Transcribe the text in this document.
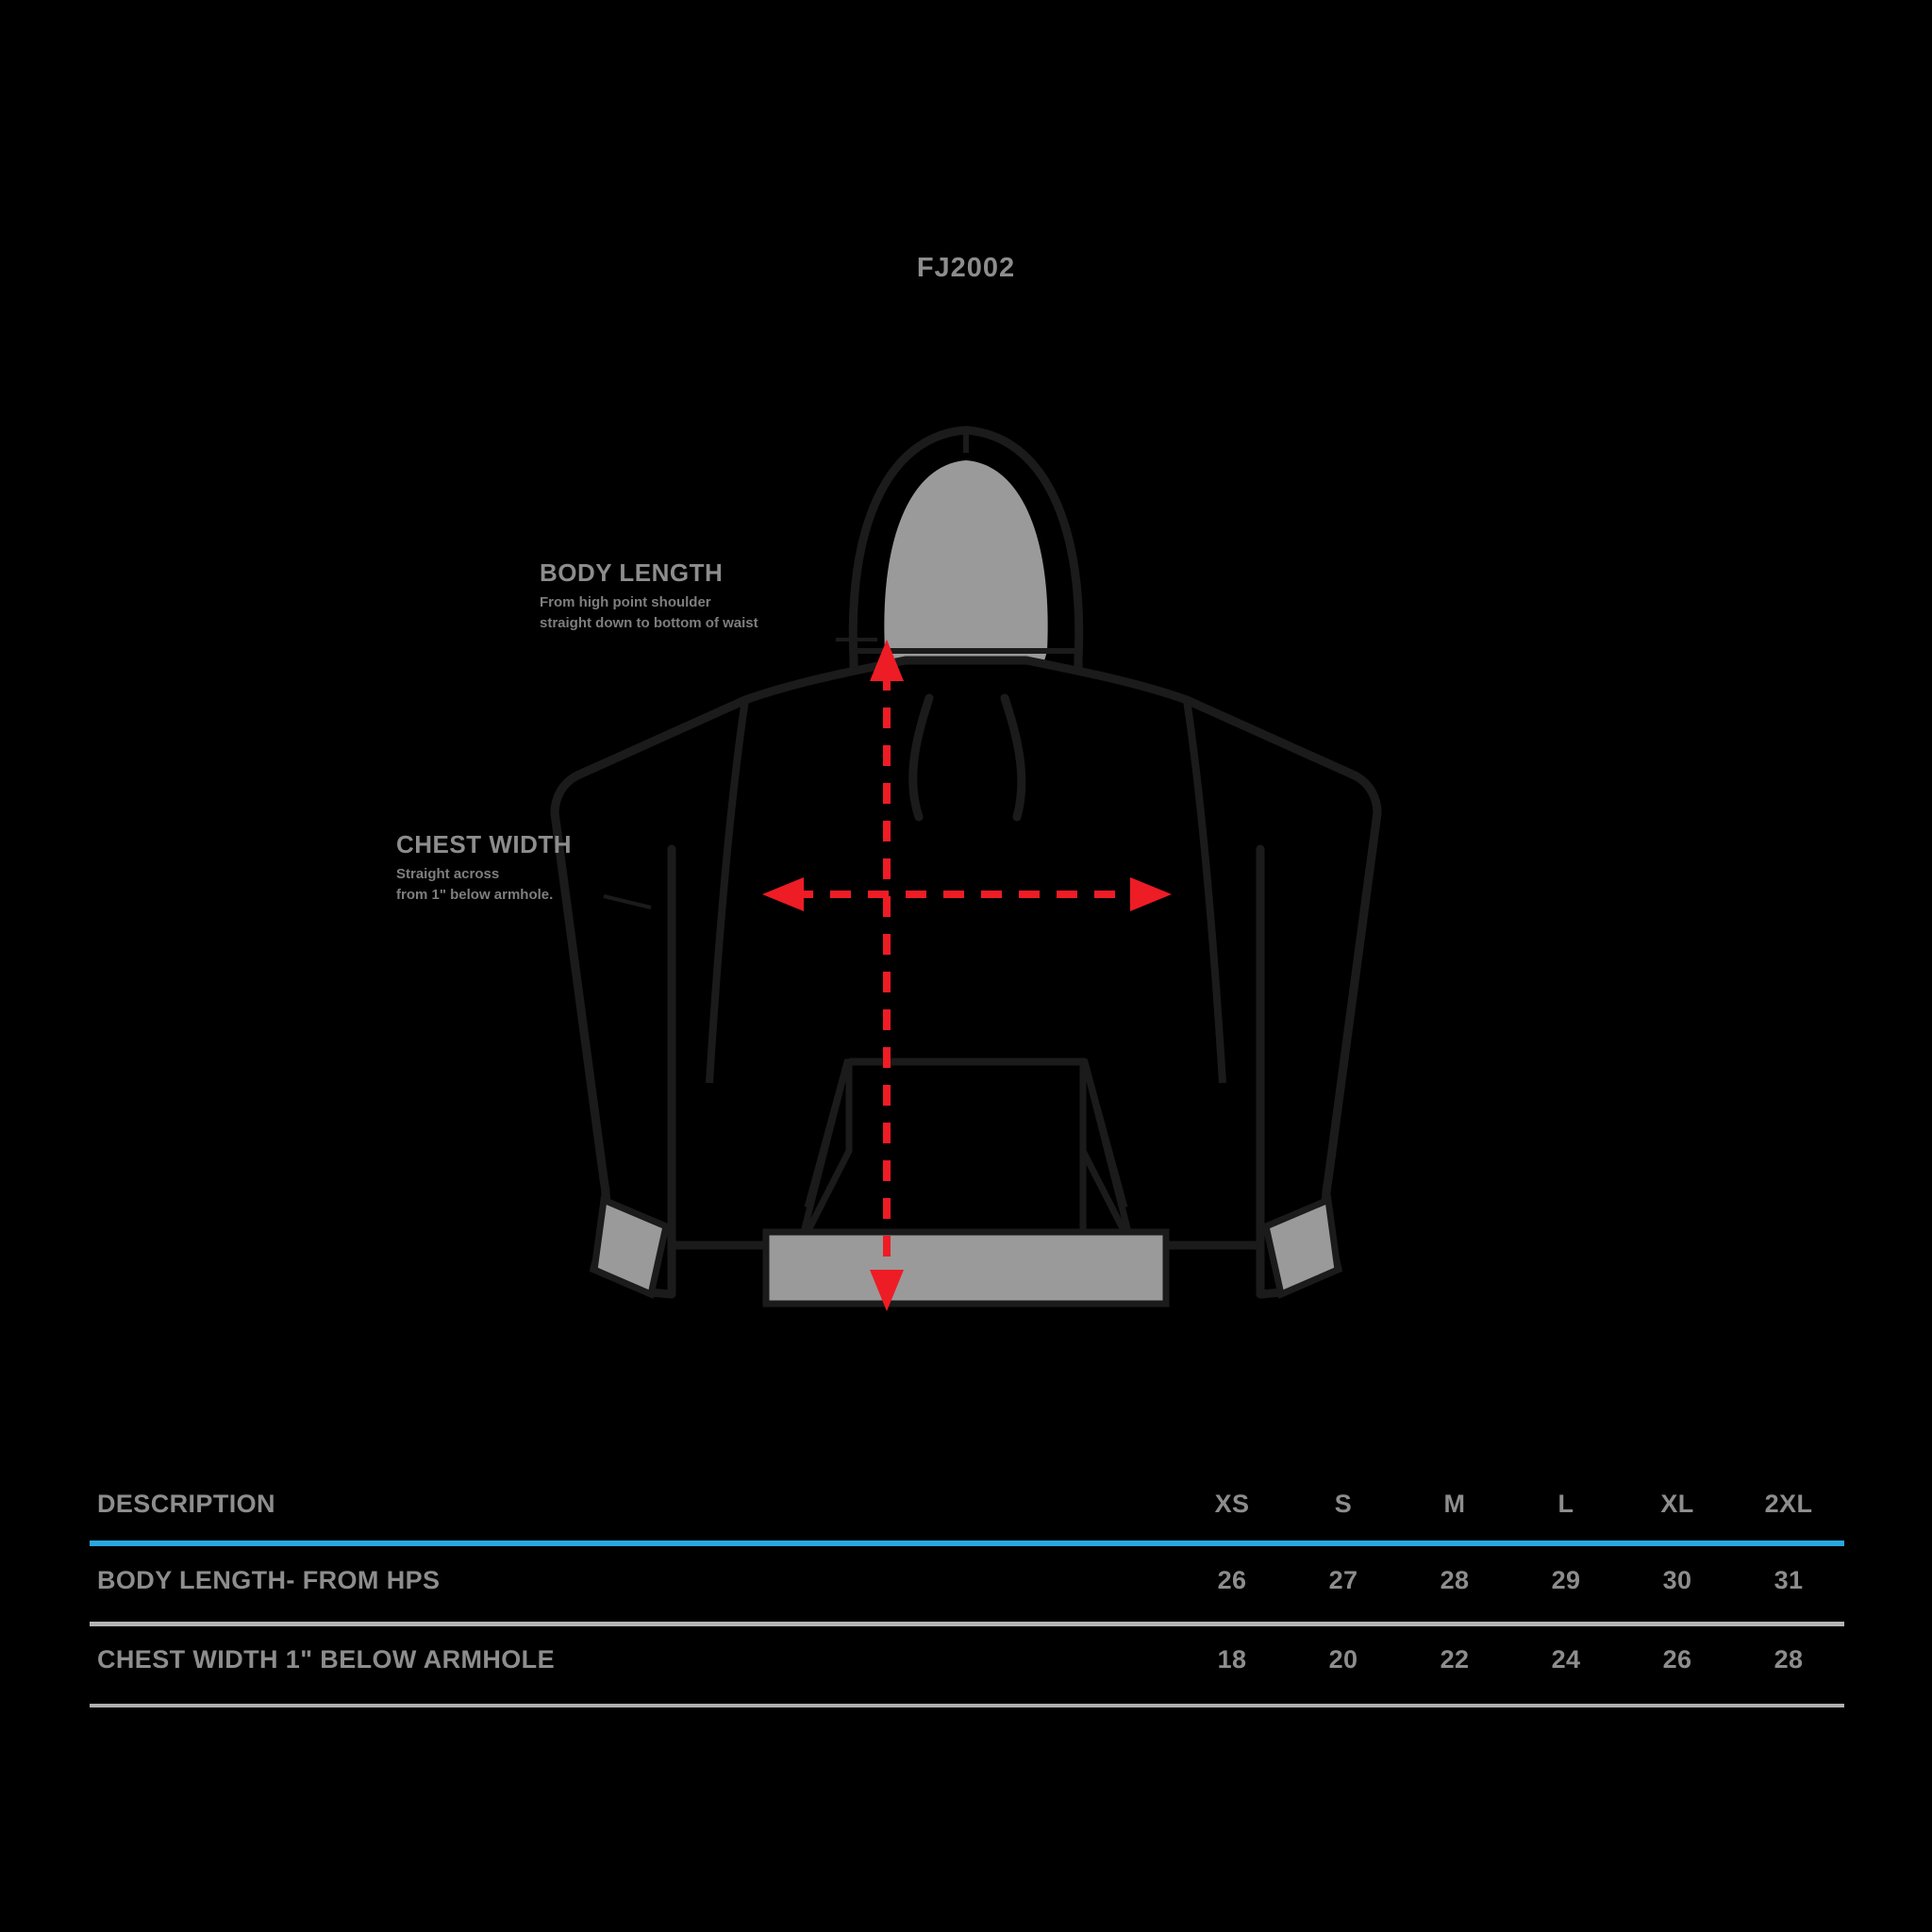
FJ2002
BODY LENGTH
From high point shoulder
straight down to bottom of waist
CHEST WIDTH
Straight across
from 1" below armhole.
DESCRIPTION	XS	S	M	L	XL	2XL
BODY LENGTH- FROM HPS	26	27	28	29	30	31
CHEST WIDTH 1" BELOW ARMHOLE	18	20	22	24	26	28
